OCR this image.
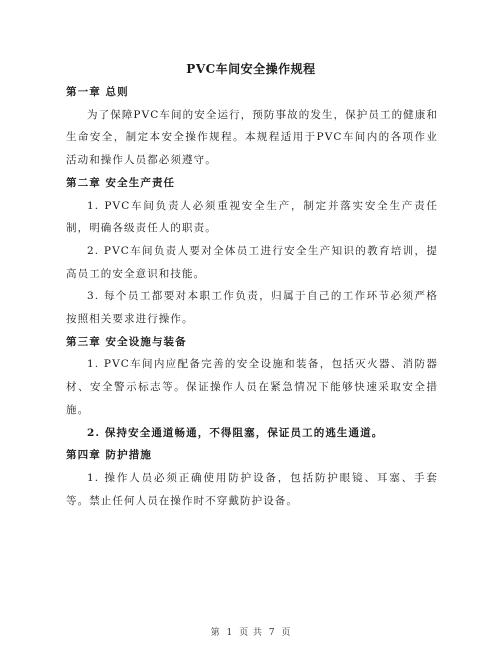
PVC车间安全操作规程
第一章 总则

为了保障PVC车间的安全运行，预防事故的发生，保护员工的健康和生命安全，制定本安全操作规程。本规程适用于PVC车间内的各项作业活动和操作人员都必须遵守。

第二章 安全生产责任

1. PVC车间负责人必须重视安全生产，制定并落实安全生产责任制，明确各级责任人的职责。

2. PVC车间负责人要对全体员工进行安全生产知识的教育培训，提高员工的安全意识和技能。

3. 每个员工都要对本职工作负责，归属于自己的工作环节必须严格按照相关要求进行操作。

第三章 安全设施与装备

1. PVC车间内应配备完善的安全设施和装备，包括灭火器、消防器材、安全警示标志等。保证操作人员在紧急情况下能够快速采取安全措施。

2. 保持安全通道畅通，不得阻塞，保证员工的逃生通道。

第四章 防护措施

1. 操作人员必须正确使用防护设备，包括防护眼镜、耳塞、手套等。禁止任何人员在操作时不穿戴防护设备。

第 1 页 共 7 页
